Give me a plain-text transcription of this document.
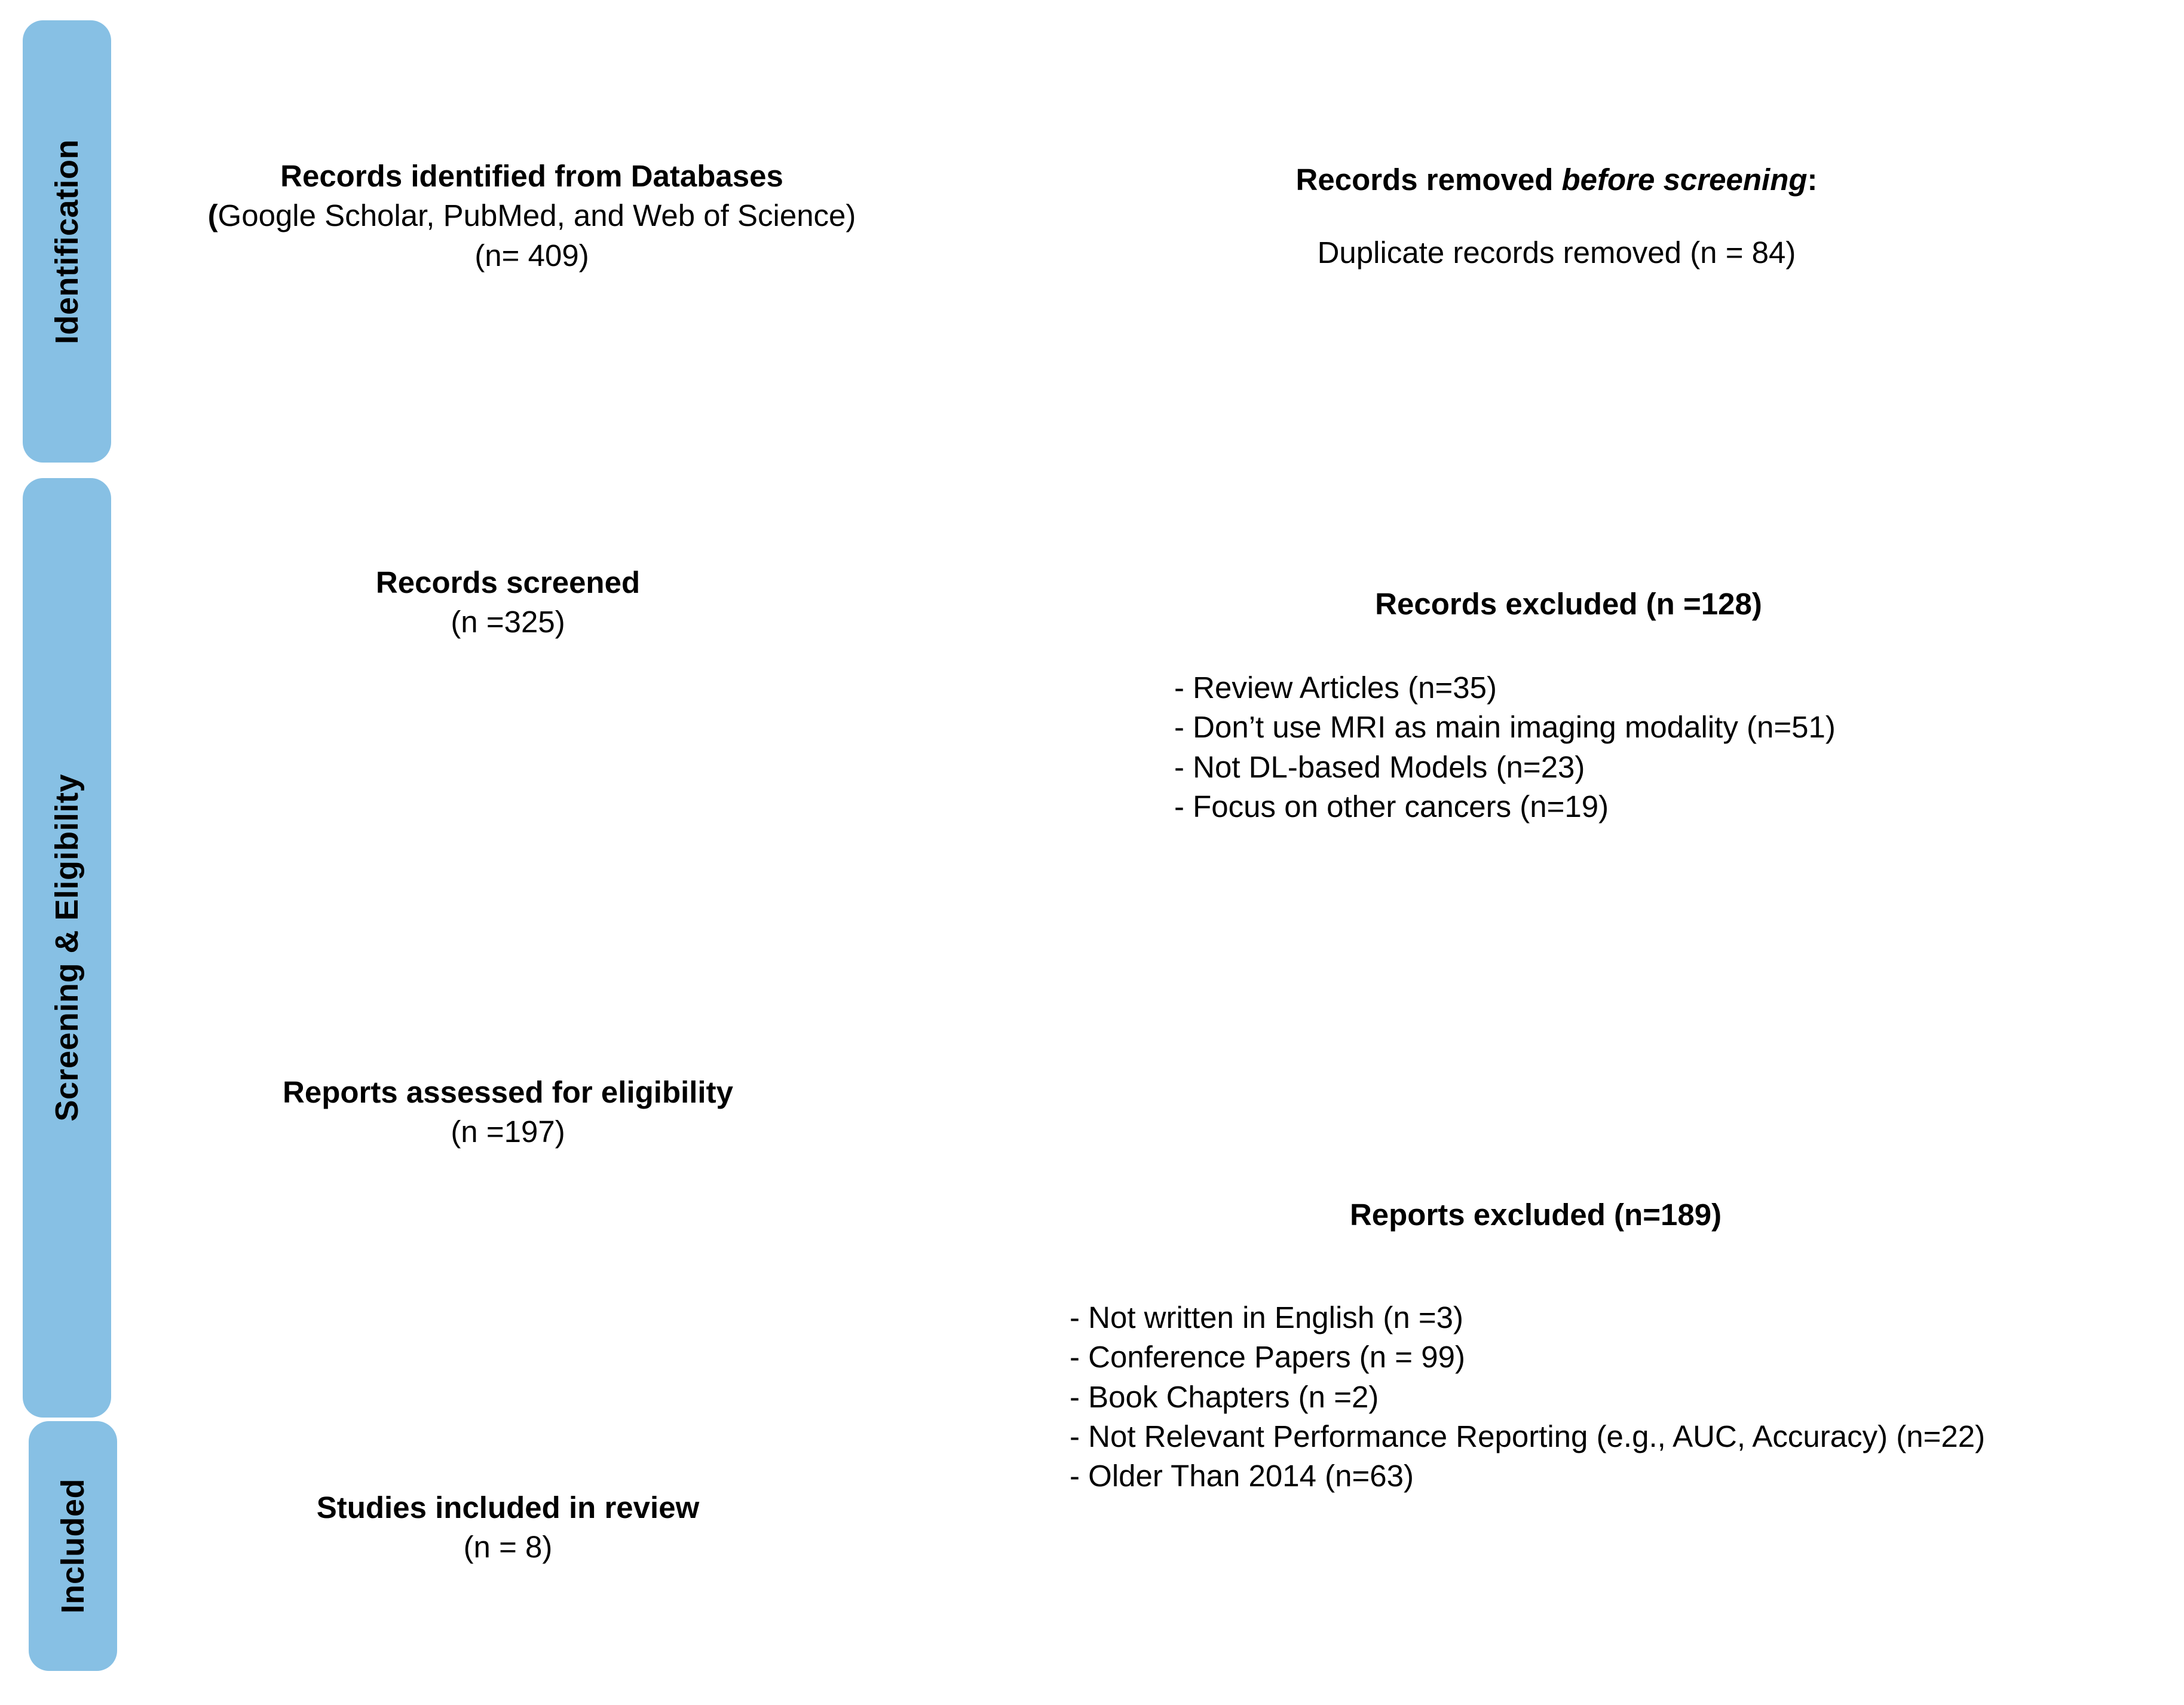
Identification
Screening & Eligibility
Included
Records identified from Databases
(Google Scholar, PubMed, and Web of Science)
(n= 409)
Records removed before screening:
Duplicate records removed (n = 84)
Records screened
(n =325)
Records excluded (n =128)
- Review Articles (n=35)
- Don’t use MRI as main imaging modality (n=51)
- Not DL-based Models (n=23)
- Focus on other cancers (n=19)
Reports assessed for eligibility
(n =197)
Reports excluded (n=189)
- Not written in English (n =3)
- Conference Papers (n = 99)
- Book Chapters (n =2)
- Not Relevant Performance Reporting (e.g., AUC, Accuracy) (n=22)
- Older Than 2014 (n=63)
Studies included in review
(n = 8)
